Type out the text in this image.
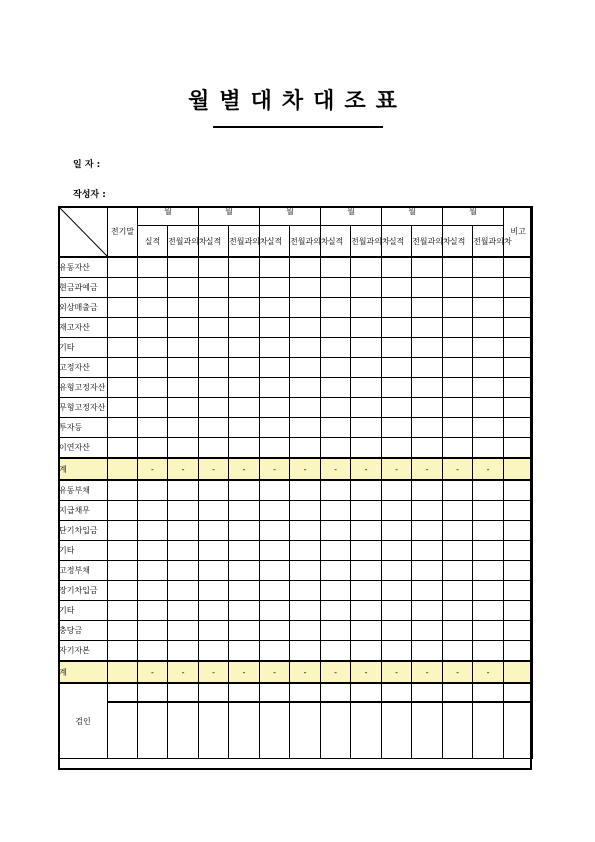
월별대차대조표
일 자 :
작성자 :
	전기말	월		월		월		월		월		월		비고
		실적	전월과의차	실적	전월과의차	실적	전월과의차	실적	전월과의차	실적	전월과의차	실적	전월과의차	
유동자산														
현금과예금														
외상매출금														
재고자산														
기타														
고정자산														
유형고정자산														
무형고정자산														
투자등														
이연자산														
계		-	-	-	-	-	-	-	-	-	-	-	-	
유동부채														
지급채무														
단기차입금														
기타														
고정부채														
장기차입금														
기타														
충당금														
자기자본														
계		-	-	-	-	-	-	-	-	-	-	-	-	
검인														
